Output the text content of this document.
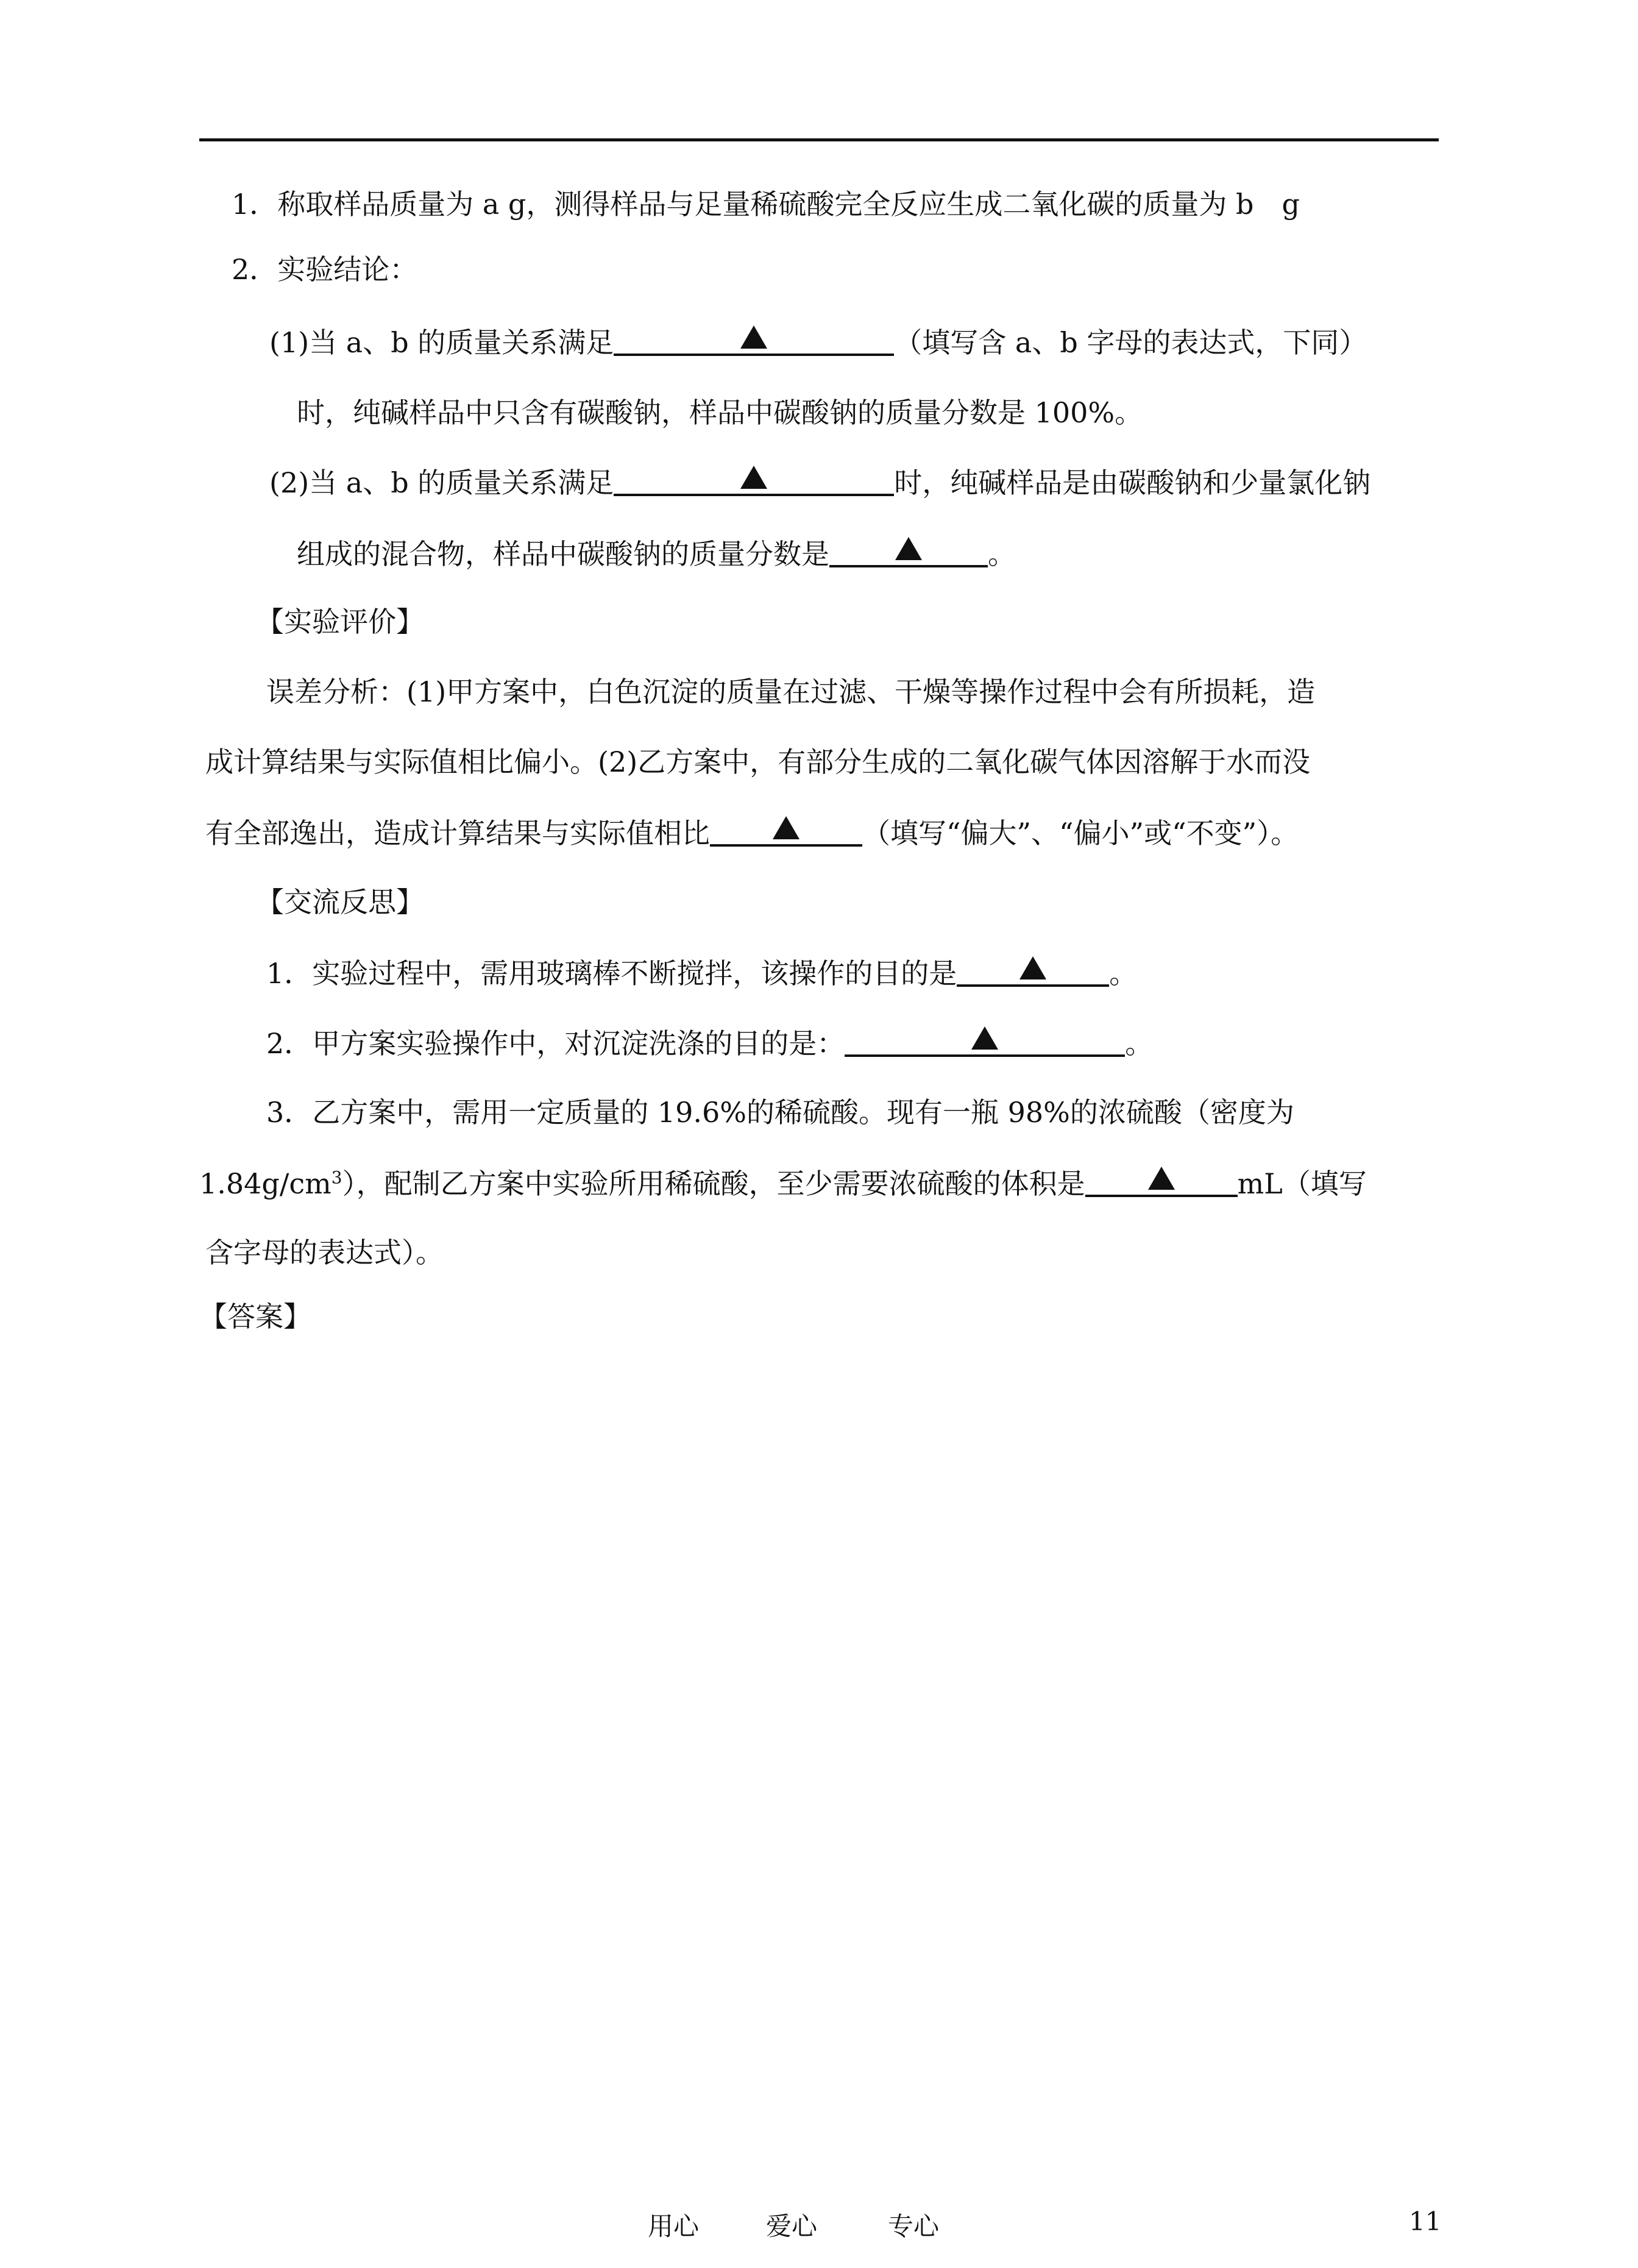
1．称取样品质量为 a g，测得样品与足量稀硫酸完全反应生成二氧化碳的质量为 b　g
2．实验结论：
(1)当 a、b 的质量关系满足	（填写含 a、b 字母的表达式，下同）
时，纯碱样品中只含有碳酸钠，样品中碳酸钠的质量分数是 100%。
(2)当 a、b 的质量关系满足	时，纯碱样品是由碳酸钠和少量氯化钠
组成的混合物，样品中碳酸钠的质量分数是	。
【实验评价】
误差分析：(1)甲方案中，白色沉淀的质量在过滤、干燥等操作过程中会有所损耗，造
成计算结果与实际值相比偏小。(2)乙方案中，有部分生成的二氧化碳气体因溶解于水而没
有全部逸出，造成计算结果与实际值相比	（填写“偏大”、“偏小”或“不变”）。
【交流反思】
1．实验过程中，需用玻璃棒不断搅拌，该操作的目的是	。
2．甲方案实验操作中，对沉淀洗涤的目的是：	。
3．乙方案中，需用一定质量的 19.6%的稀硫酸。现有一瓶 98%的浓硫酸（密度为
$1.84g/cm^3$），配制乙方案中实验所用稀硫酸，至少需要浓硫酸的体积是	mL（填写
含字母的表达式）。
【答案】
用心	爱心	专心	11
